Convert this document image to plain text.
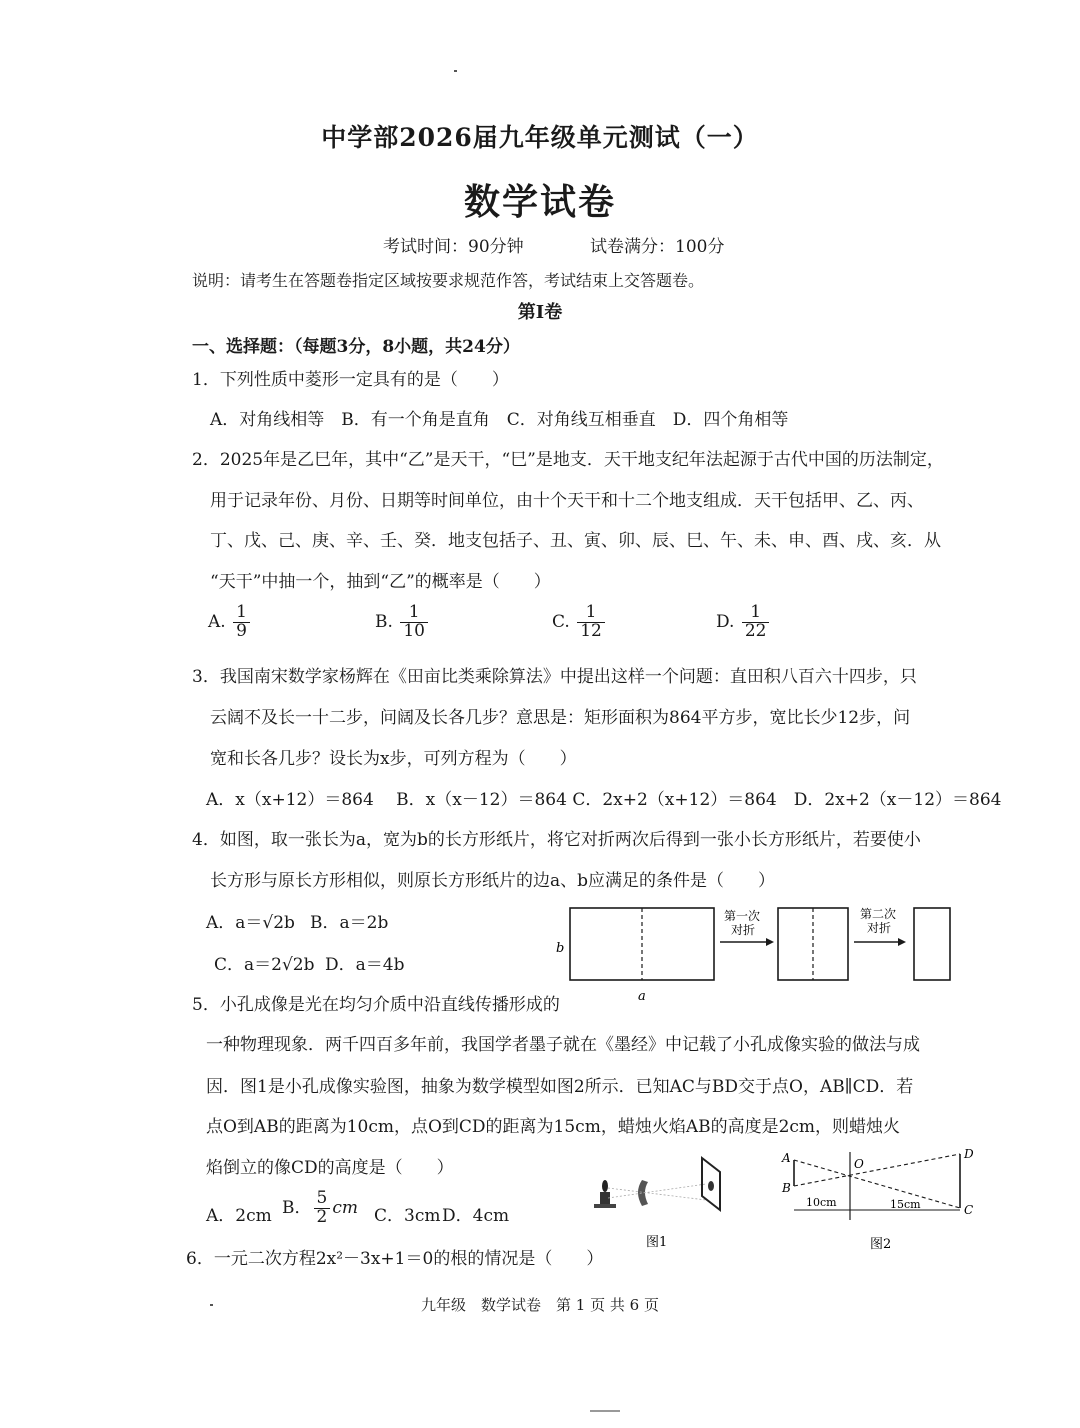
中学部2026届九年级单元测试（一）
数学试卷
考试时间：90分钟	试卷满分：100分
说明：请考生在答题卷指定区域按要求规范作答，考试结束上交答题卷。
第Ⅰ卷
一、选择题：（每题3分，8小题，共24分）
1．下列性质中菱形一定具有的是（　　）
A．对角线相等　B．有一个角是直角　C．对角线互相垂直　D．四个角相等
2．2025年是乙巳年，其中“乙”是天干，“巳”是地支．天干地支纪年法起源于古代中国的历法制定，
用于记录年份、月份、日期等时间单位，由十个天干和十二个地支组成．天干包括甲、乙、丙、
丁、戊、己、庚、辛、壬、癸．地支包括子、丑、寅、卯、辰、巳、午、未、申、酉、戌、亥．从
“天干”中抽一个，抽到“乙”的概率是（　　）
A. $\frac{1}{9}$	B. $\frac{1}{10}$	C. $\frac{1}{12}$	D. $\frac{1}{22}$
3．我国南宋数学家杨辉在《田亩比类乘除算法》中提出这样一个问题：直田积八百六十四步，只
云阔不及长一十二步，问阔及长各几步？意思是：矩形面积为864平方步，宽比长少12步，问
宽和长各几步？设长为x步，可列方程为（　　）
A．x（x+12）＝864　 B．x（x－12）＝864 C．2x+2（x+12）＝864　D．2x+2（x－12）＝864
4．如图，取一张长为a，宽为b的长方形纸片，将它对折两次后得到一张小长方形纸片，若要使小
长方形与原长方形相似，则原长方形纸片的边a、b应满足的条件是（　　）
A．a＝√2b B．a＝2b
C．a＝2√2b D．a＝4b
b
a
第一次
对折
第二次
对折
5．小孔成像是光在均匀介质中沿直线传播形成的
一种物理现象．两千四百多年前，我国学者墨子就在《墨经》中记载了小孔成像实验的做法与成
因．图1是小孔成像实验图，抽象为数学模型如图2所示．已知AC与BD交于点O，AB∥CD．若
点O到AB的距离为10cm，点O到CD的距离为15cm，蜡烛火焰AB的高度是2cm，则蜡烛火
焰倒立的像CD的高度是（　　）
A．2cm B． $\frac{5}{2}$ cm C．3cm D．4cm
图1
A
B
O
D
C
10cm	15cm
图2
6．一元二次方程2x²－3x+1＝0的根的情况是（　　）
九年级　数学试卷　第 1 页 共 6 页
